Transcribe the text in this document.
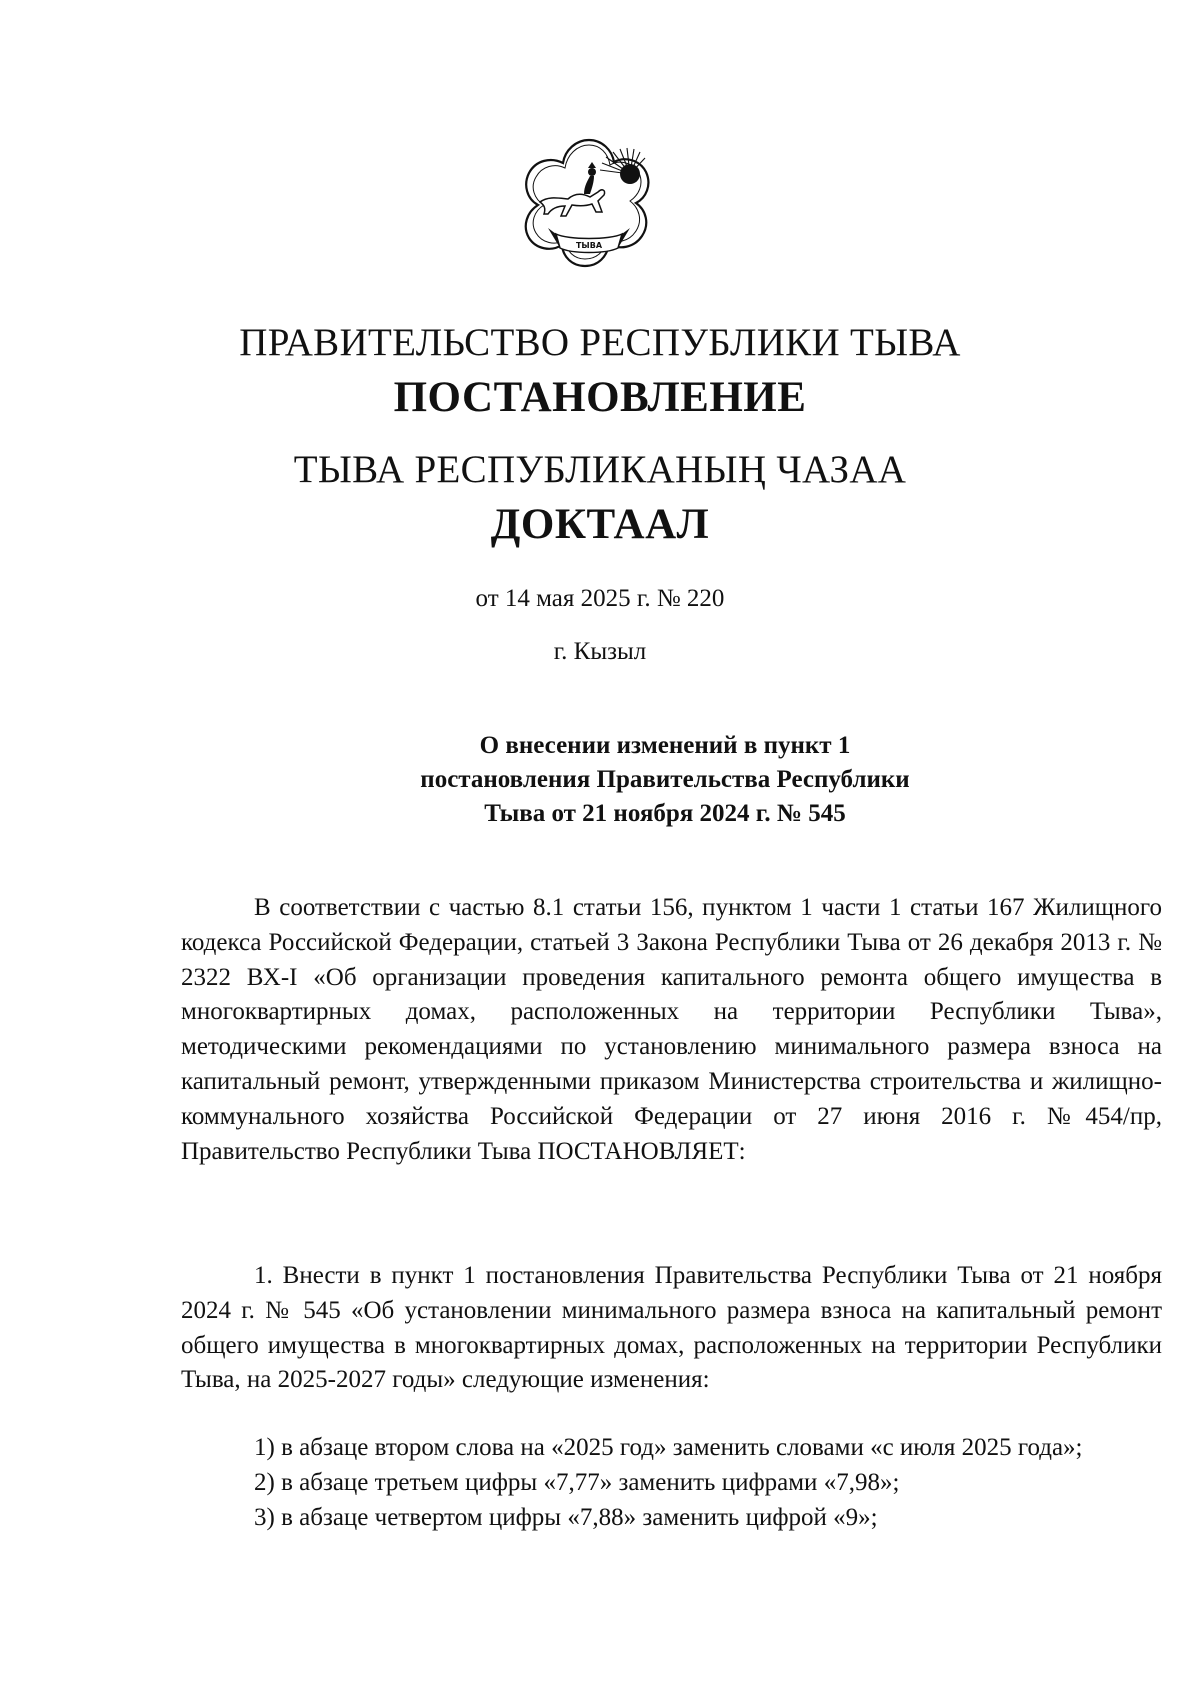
ТЫВА
ПРАВИТЕЛЬСТВО РЕСПУБЛИКИ ТЫВА
ПОСТАНОВЛЕНИЕ
ТЫВА РЕСПУБЛИКАНЫҢ ЧАЗАА
ДОКТААЛ
от 14 мая 2025 г. № 220
г. Кызыл
О внесении изменений в пункт 1
постановления Правительства Республики
Тыва от 21 ноября 2024 г. № 545

В соответствии с частью 8.1 статьи 156, пунктом 1 части 1 статьи 167 Жилищного кодекса Российской Федерации, статьей 3 Закона Республики Тыва от 26 декабря 2013 г. № 2322 ВХ-I «Об организации проведения капитального ремонта общего имущества в многоквартирных домах, расположенных на территории Республики Тыва», методическими рекомендациями по установлению минимального размера взноса на капитальный ремонт, утвержденными приказом Министерства строительства и жилищно-коммунального хозяйства Российской Федерации от 27 июня 2016 г. №454/пр, Правительство Республики Тыва ПОСТАНОВЛЯЕТ:

1. Внести в пункт 1 постановления Правительства Республики Тыва от 21 ноября 2024 г. № 545 «Об установлении минимального размера взноса на капитальный ремонт общего имущества в многоквартирных домах, расположенных на территории Республики Тыва, на 2025-2027 годы» следующие изменения:

1) в абзаце втором слова на «2025 год» заменить словами «с июля 2025 года»;

2) в абзаце третьем цифры «7,77» заменить цифрами «7,98»;

3) в абзаце четвертом цифры «7,88» заменить цифрой «9»;
